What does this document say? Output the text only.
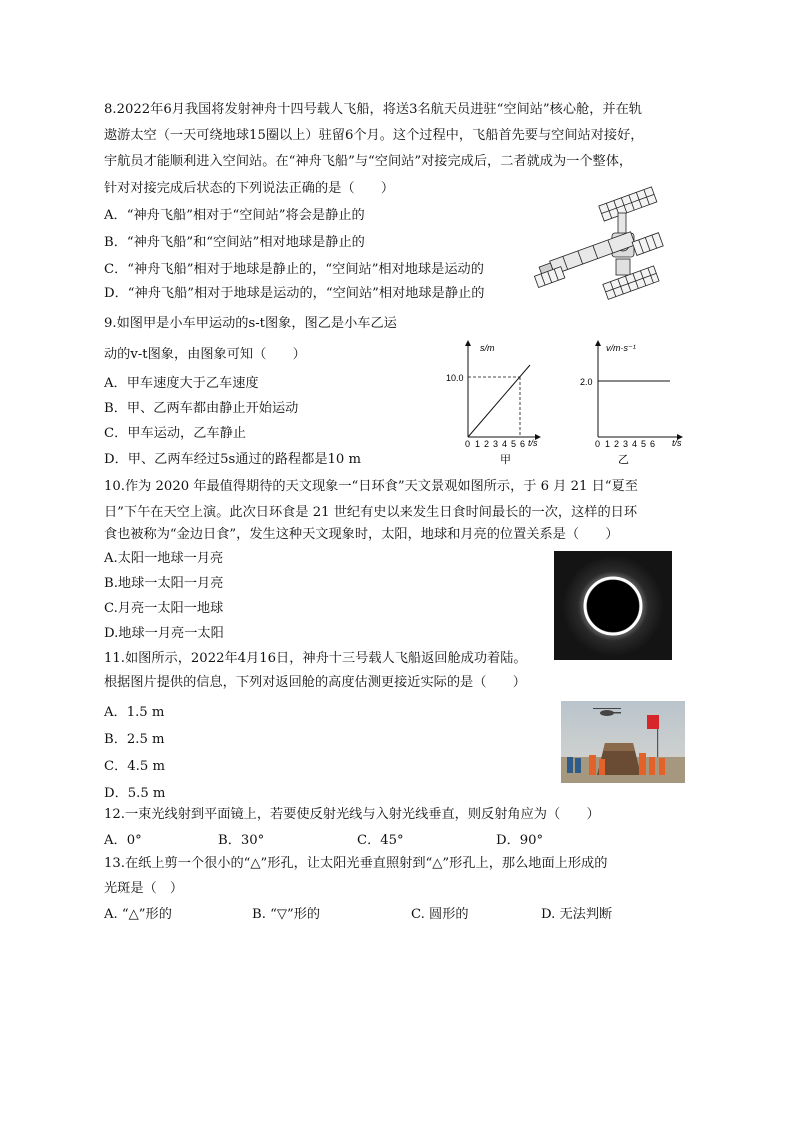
8.2022年6月我国将发射神舟十四号载人飞船，将送3名航天员进驻“空间站”核心舱，并在轨
遨游太空（一天可绕地球15圈以上）驻留6个月。这个过程中，飞船首先要与空间站对接好，
宇航员才能顺利进入空间站。在“神舟飞船”与“空间站”对接完成后，二者就成为一个整体，
针对对接完成后状态的下列说法正确的是（　　）
A．“神舟飞船”相对于“空间站”将会是静止的
B．“神舟飞船”和“空间站”相对地球是静止的
C．“神舟飞船”相对于地球是静止的，“空间站”相对地球是运动的
D．“神舟飞船”相对于地球是运动的，“空间站”相对地球是静止的
9.如图甲是小车甲运动的s-t图象，图乙是小车乙运
动的v-t图象，由图象可知（　　）
A．甲车速度大于乙车速度
B．甲、乙两车都由静止开始运动
C．甲车运动，乙车静止
D．甲、乙两车经过5s通过的路程都是10 m
s/m
10.0
0 1 2 3 4 5 6 t/s
甲
v/m·s⁻¹
2.0
0 1 2 3 4 5 6 t/s
乙
10.作为 2020 年最值得期待的天文现象一“日环食”天文景观如图所示，于 6 月 21 日“夏至
日”下午在天空上演。此次日环食是 21 世纪有史以来发生日食时间最长的一次，这样的日环
食也被称为“金边日食”，发生这种天文现象时，太阳，地球和月亮的位置关系是（　　）
A.太阳一地球一月亮
B.地球一太阳一月亮
C.月亮一太阳一地球
D.地球一月亮一太阳
11.如图所示，2022年4月16日，神舟十三号载人飞船返回舱成功着陆。
根据图片提供的信息，下列对返回舱的高度估测更接近实际的是（　　）
A．1.5 m
B．2.5 m
C．4.5 m
D．5.5 m
12.一束光线射到平面镜上，若要使反射光线与入射光线垂直，则反射角应为（　　）
A．0°	B．30°	C．45°	D．90°
13.在纸上剪一个很小的“△”形孔，让太阳光垂直照射到“△”形孔上，那么地面上形成的
光斑是（　）
A. “△”形的	B. “▽”形的	C. 圆形的	D. 无法判断
